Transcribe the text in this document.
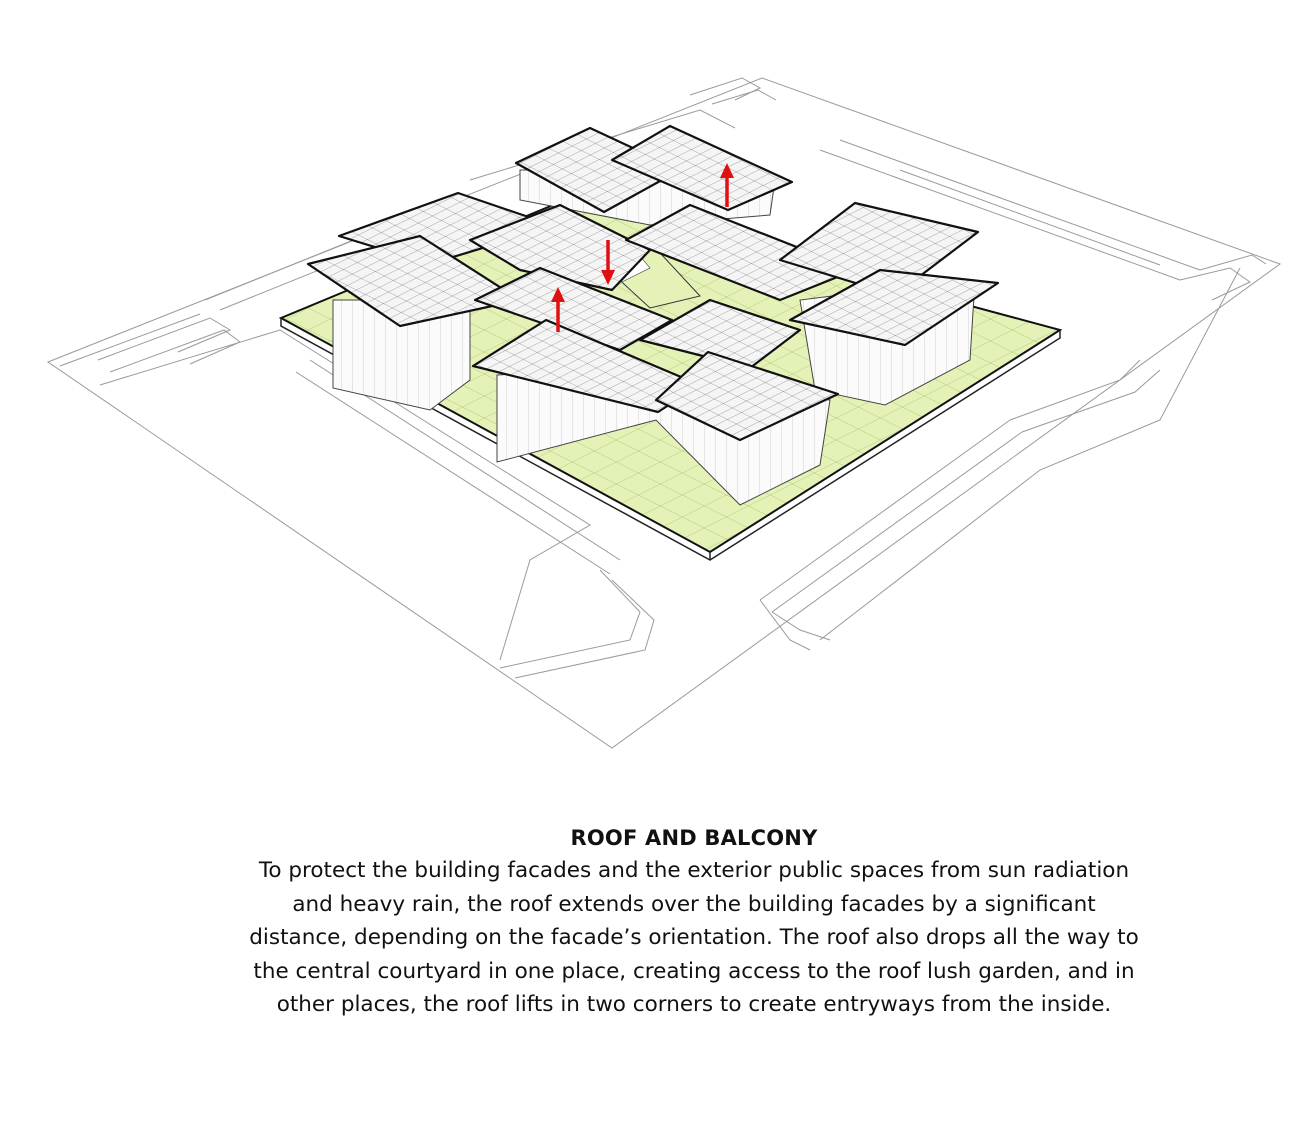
ROOF AND BALCONY

To protect the building facades and the exterior public spaces from sun radiation and heavy rain, the roof extends over the building facades by a significant distance, depending on the facade’s orientation. The roof also drops all the way to the central courtyard in one place, creating access to the roof lush garden, and in other places, the roof lifts in two corners to create entryways from the inside.
